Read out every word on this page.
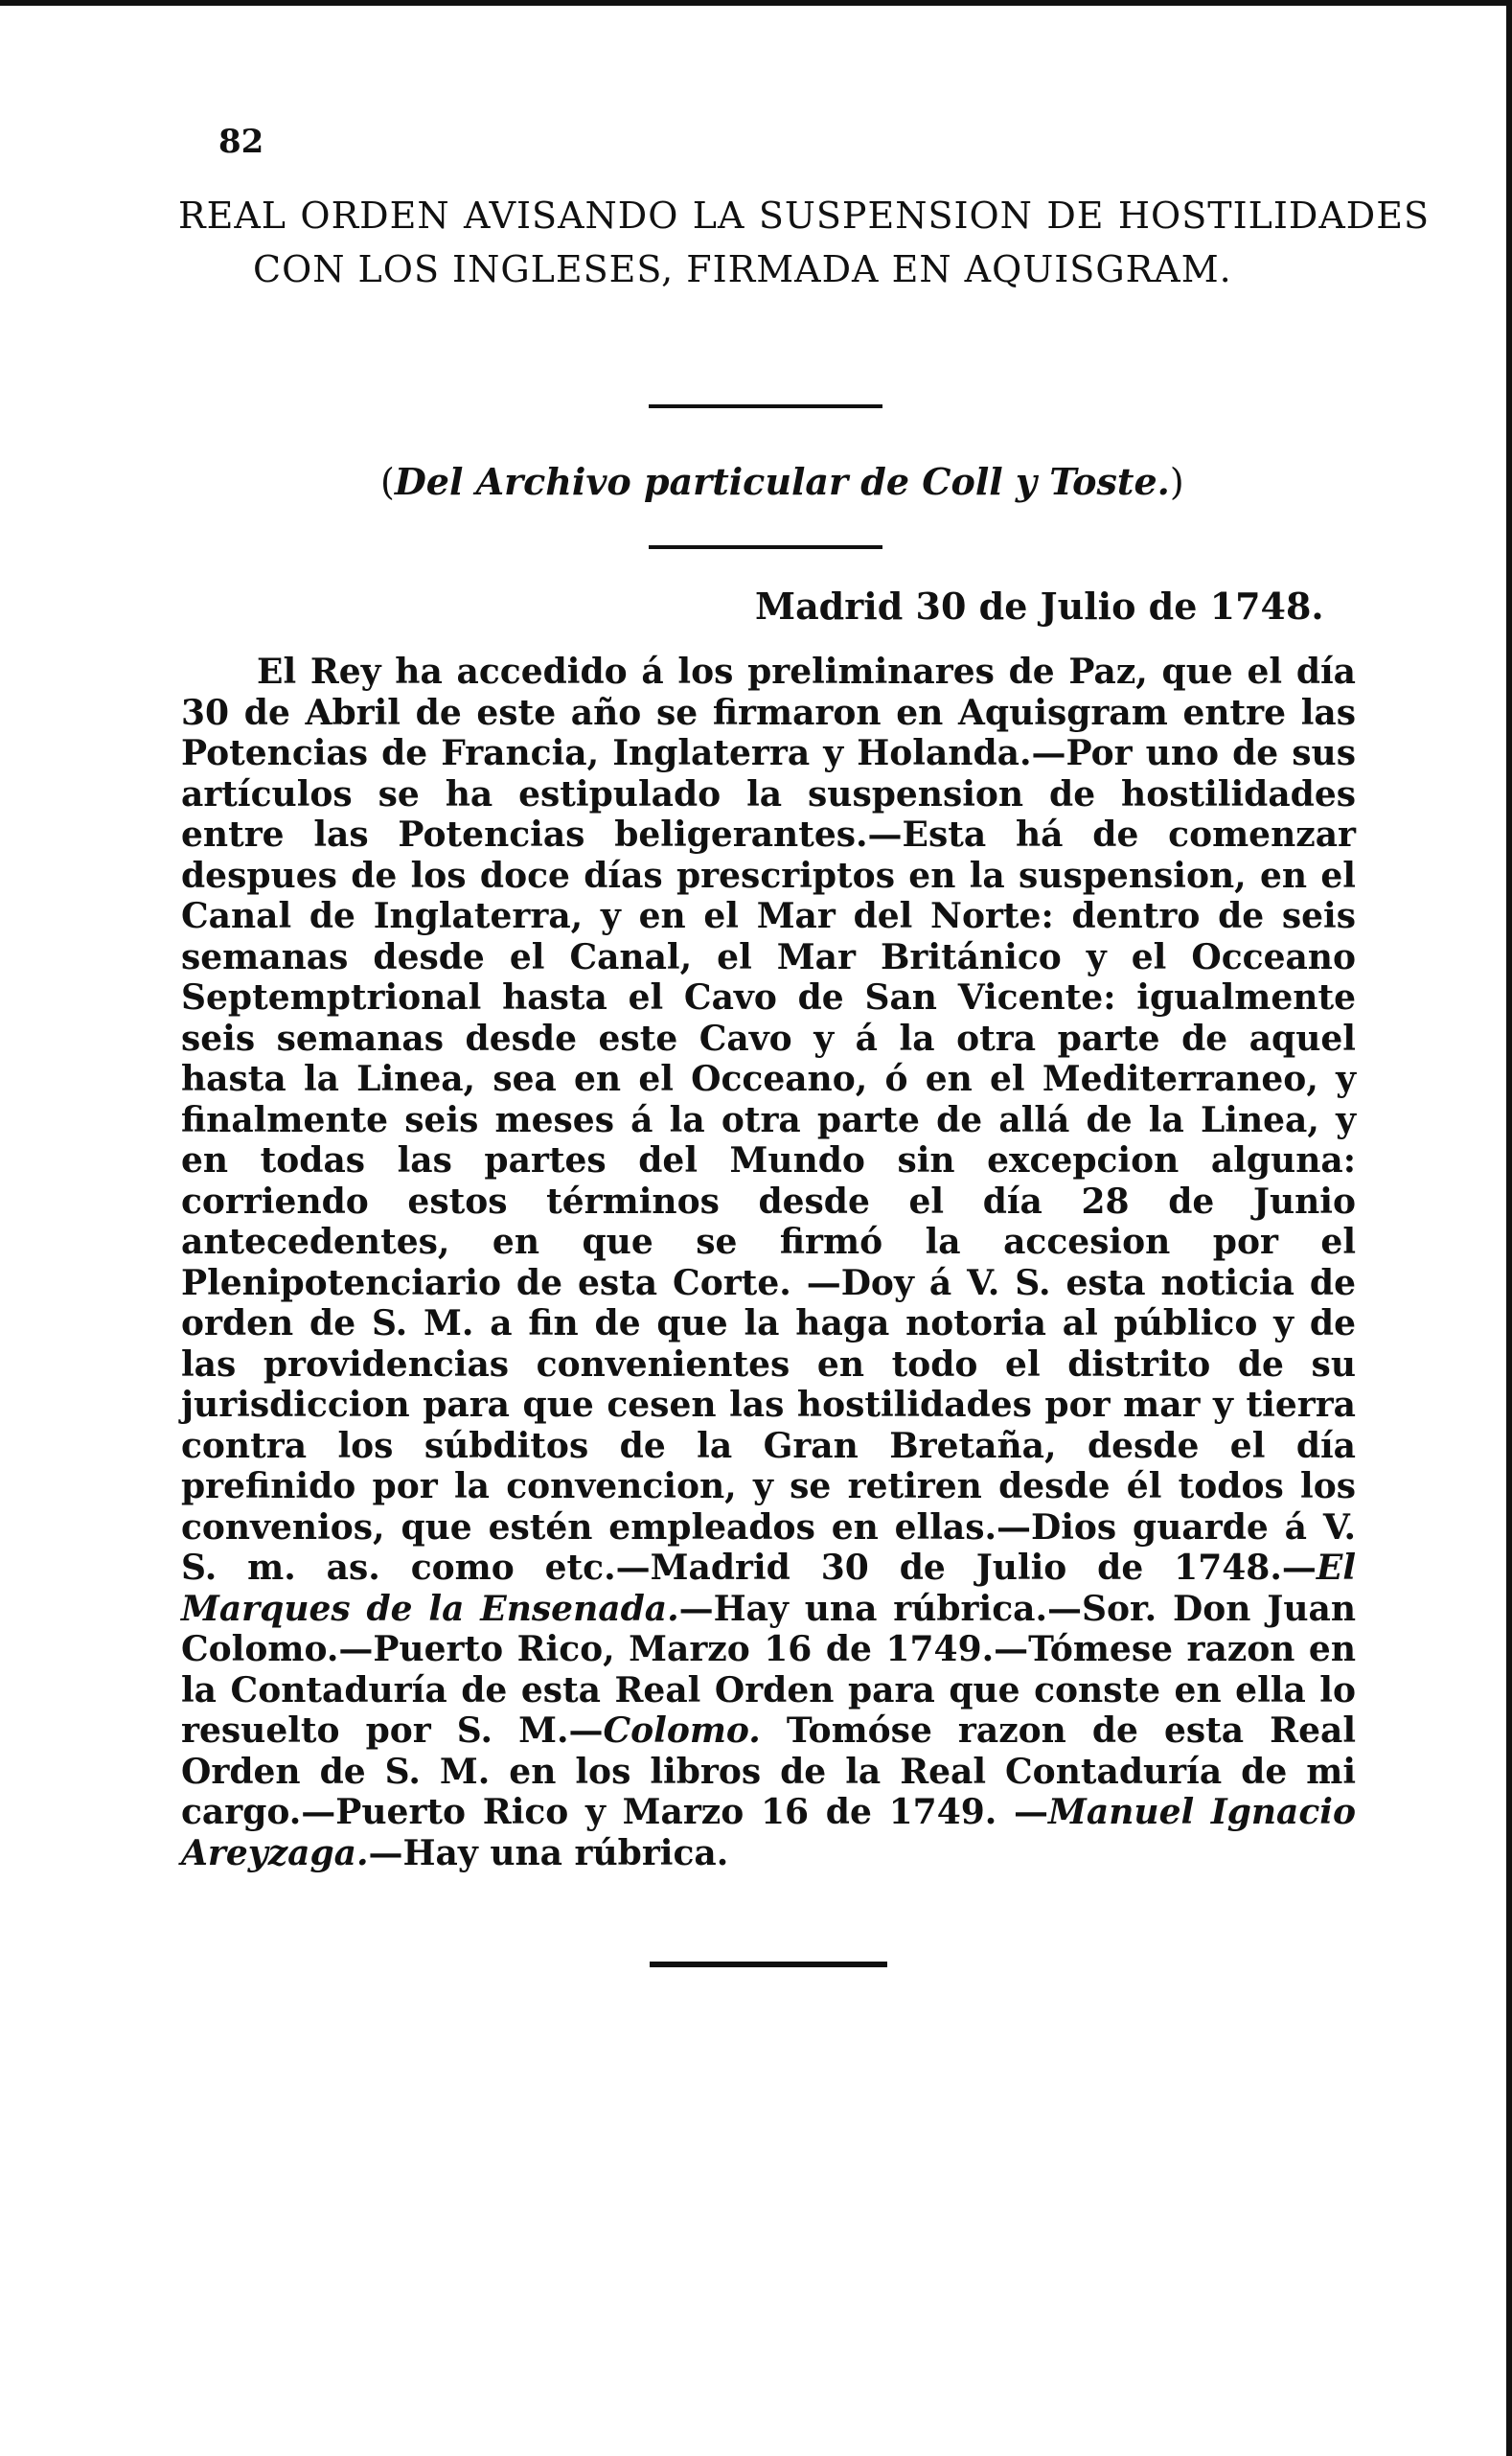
82
REAL ORDEN AVISANDO LA SUSPENSION DE HOSTILIDADES CON LOS INGLESES, FIRMADA EN AQUISGRAM.
(Del Archivo particular de Coll y Toste.)
Madrid 30 de Julio de 1748.

El Rey ha accedido á los preliminares de Paz, que el día 30 de Abril de este año se firmaron en Aquisgram entre las Potencias de Francia, Inglaterra y Holanda.—Por uno de sus artículos se ha estipulado la suspension de hostilidades entre las Potencias beligerantes.—Esta há de comenzar despues de los doce días prescriptos en la suspension, en el Canal de Inglaterra, y en el Mar del Norte: dentro de seis semanas desde el Canal, el Mar Británico y el Occeano Septemptrional hasta el Cavo de San Vicente: igualmente seis semanas desde este Cavo y á la otra parte de aquel hasta la Linea, sea en el Occeano, ó en el Mediterraneo, y finalmente seis meses á la otra parte de allá de la Linea, y en todas las partes del Mundo sin excepcion alguna: corriendo estos términos desde el día 28 de Junio antecedentes, en que se firmó la accesion por el Plenipotenciario de esta Corte. —Doy á V. S. esta noticia de orden de S. M. a fin de que la haga notoria al público y de las providencias convenientes en todo el distrito de su jurisdiccion para que cesen las hostilidades por mar y tierra contra los súbditos de la Gran Bretaña, desde el día prefinido por la convencion, y se retiren desde él todos los convenios, que estén empleados en ellas.—Dios guarde á V. S. m. as. como etc.—Madrid 30 de Julio de 1748.—El Marques de la Ensenada.—Hay una rúbrica.—Sor. Don Juan Colomo.—Puerto Rico, Marzo 16 de 1749.—Tómese razon en la Contaduría de esta Real Orden para que conste en ella lo resuelto por S. M.—Colomo. Tomóse razon de esta Real Orden de S. M. en los libros de la Real Contaduría de mi cargo.—Puerto Rico y Marzo 16 de 1749. —Manuel Ignacio Areyzaga.—Hay una rúbrica.
